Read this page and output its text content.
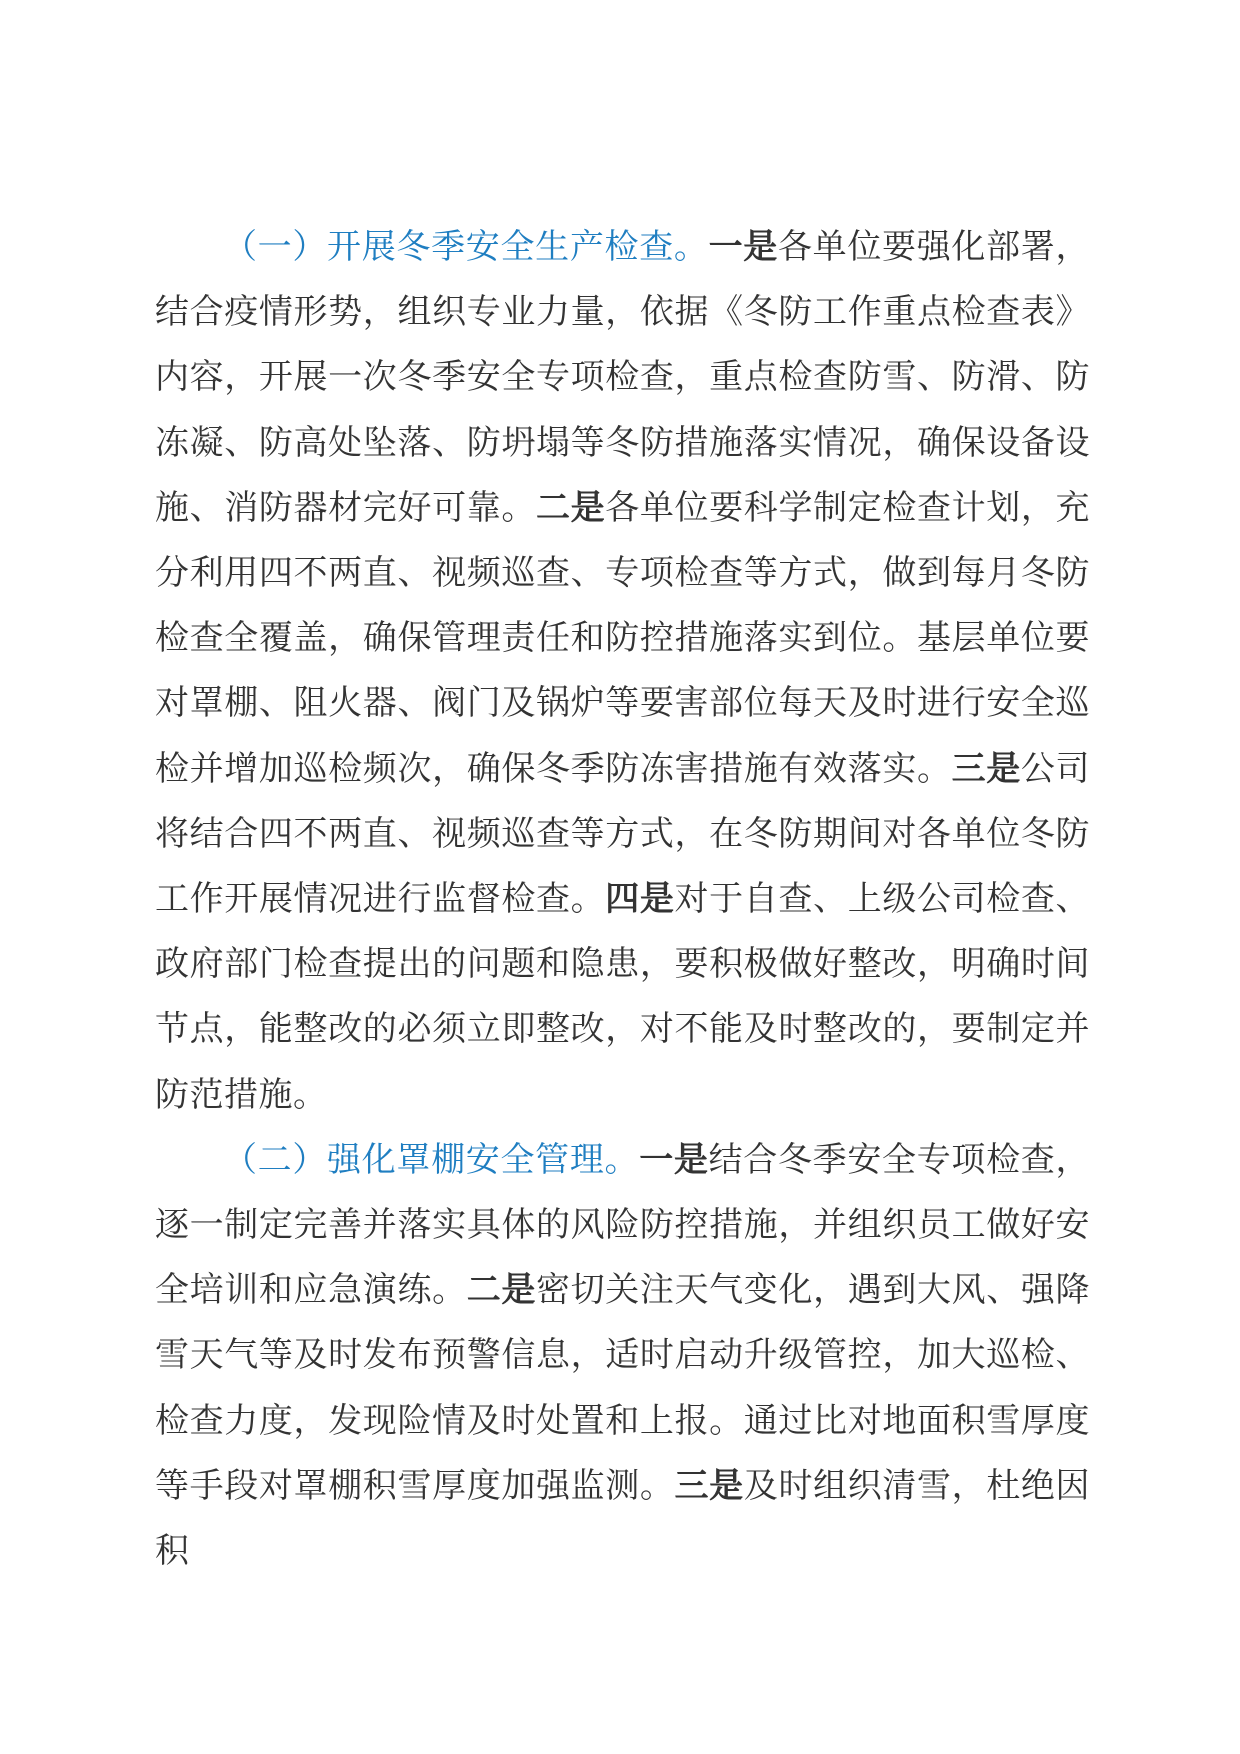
（一）开展冬季安全生产检查。一是各单位要强化部署，结合疫情形势，组织专业力量，依据《冬防工作重点检查表》内容，开展一次冬季安全专项检查，重点检查防雪、防滑、防冻凝、防高处坠落、防坍塌等冬防措施落实情况，确保设备设施、消防器材完好可靠。二是各单位要科学制定检查计划，充分利用四不两直、视频巡查、专项检查等方式，做到每月冬防检查全覆盖，确保管理责任和防控措施落实到位。基层单位要对罩棚、阻火器、阀门及锅炉等要害部位每天及时进行安全巡检并增加巡检频次，确保冬季防冻害措施有效落实。三是公司将结合四不两直、视频巡查等方式，在冬防期间对各单位冬防工作开展情况进行监督检查。四是对于自查、上级公司检查、政府部门检查提出的问题和隐患，要积极做好整改，明确时间节点，能整改的必须立即整改，对不能及时整改的，要制定并防范措施。

（二）强化罩棚安全管理。一是结合冬季安全专项检查，逐一制定完善并落实具体的风险防控措施，并组织员工做好安全培训和应急演练。二是密切关注天气变化，遇到大风、强降雪天气等及时发布预警信息，适时启动升级管控，加大巡检、检查力度，发现险情及时处置和上报。通过比对地面积雪厚度等手段对罩棚积雪厚度加强监测。三是及时组织清雪，杜绝因积
